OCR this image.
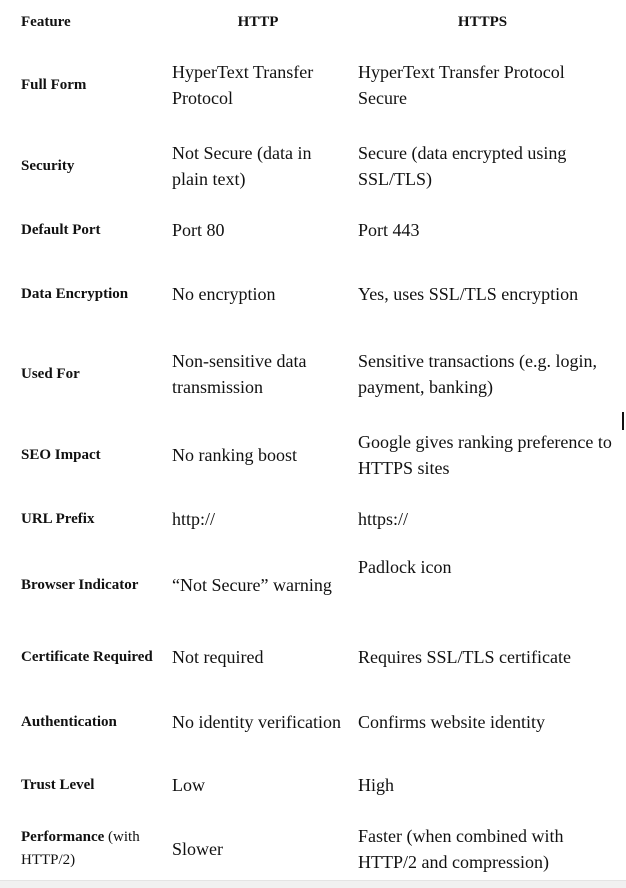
Feature	HTTP	HTTPS
Full Form	HyperText Transfer Protocol	HyperText Transfer Protocol Secure
Security	Not Secure (data in plain text)	Secure (data encrypted using SSL/TLS)
Default Port	Port 80	Port 443
Data Encryption	No encryption	Yes, uses SSL/TLS encryption
Used For	Non-sensitive data transmission	Sensitive transactions (e.g. login, payment, banking)
SEO Impact	No ranking boost	Google gives ranking preference to HTTPS sites
URL Prefix	http://	https://
Browser Indicator	“Not Secure” warning	Padlock icon
Certificate Required	Not required	Requires SSL/TLS certificate
Authentication	No identity verification	Confirms website identity
Trust Level	Low	High
Performance (with HTTP/2)	Slower	Faster (when combined with HTTP/2 and compression)
